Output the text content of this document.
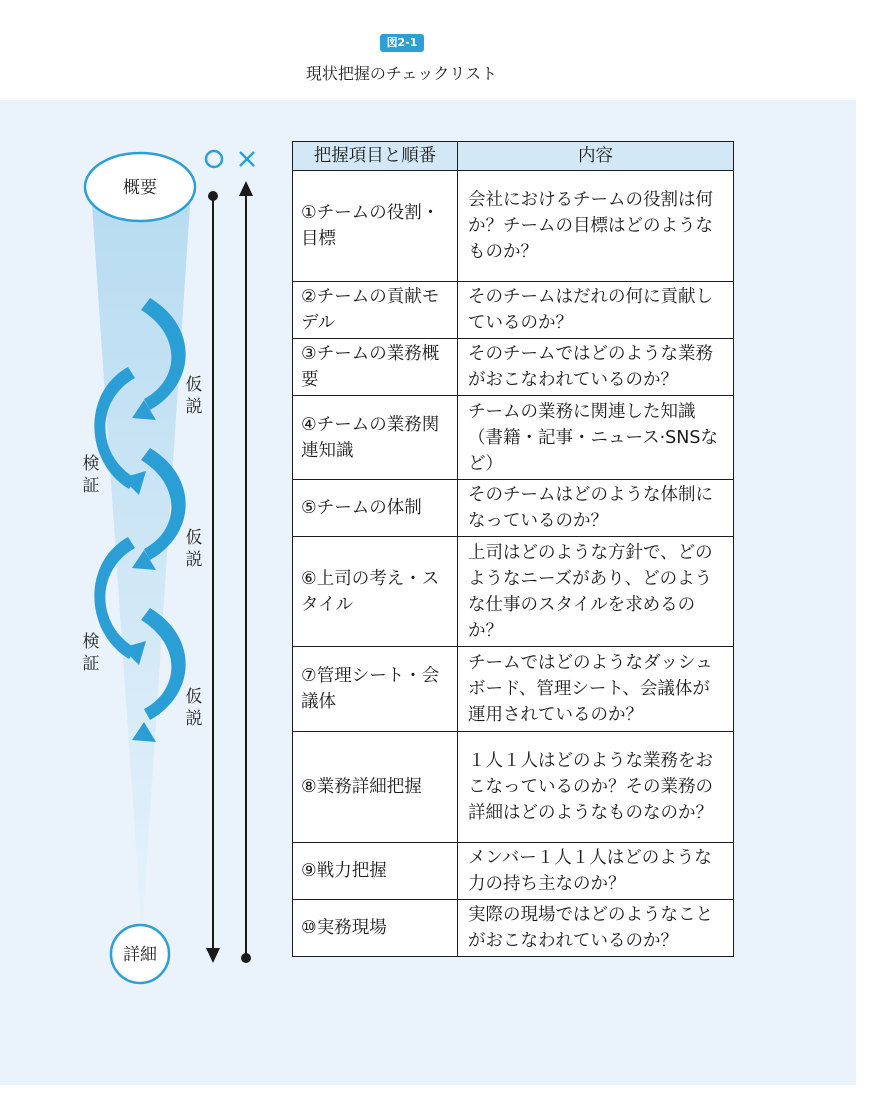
図2-1
現状把握のチェックリスト
概要
詳細
仮
説
仮
説
仮
説
検
証
検
証
把握項目と順番	内容
①チームの役割・目標	会社におけるチームの役割は何か？チームの目標はどのようなものか？
②チームの貢献モデル	そのチームはだれの何に貢献しているのか？
③チームの業務概要	そのチームではどのような業務がおこなわれているのか？
④チームの業務関連知識	チームの業務に関連した知識（書籍・記事・ニュース·SNSなど）
⑤チームの体制	そのチームはどのような体制になっているのか？
⑥上司の考え・スタイル	上司はどのような方針で、どのようなニーズがあり、どのような仕事のスタイルを求めるのか？
⑦管理シート・会議体	チームではどのようなダッシュボード、管理シート、会議体が運用されているのか？
⑧業務詳細把握	１人１人はどのような業務をおこなっているのか？その業務の詳細はどのようなものなのか？
⑨戦力把握	メンバー１人１人はどのような力の持ち主なのか？
⑩実務現場	実際の現場ではどのようなことがおこなわれているのか？
